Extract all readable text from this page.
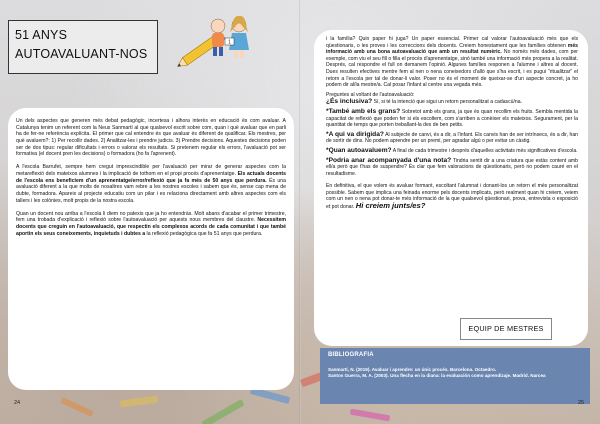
51 ANYS
AUTOAVALUANT-NOS
1

Un dels aspectes que generen més debat pedagògic, incertesa i alhora interès en educació és com avaluar. A Catalunya tenim un referent com la Neus Sanmartí al que qualsevol escrit sobre com, quan i què avaluar que en parli ha de fer-ne referència explícita. El primer que cal entendre és que avaluar és diferent de qualificar. Els mestres, per què avaluem?: 1) Per recollir dades. 2) Analitzar-les i prendre judicis. 3) Prendre decisions. Aquestes decisions poden ser de dos tipus: regular dificultats i errors o valorar els resultats. Si pretenem regular els errors, l'avaluació pot ser formativa (el docent pren les decisions) o formadora (ho fa l'aprenent).

A l'escola Barrufet, sempre hem cregut imprescindible per l'avaluació per mirar de generar aspectes com la metareflexió dels mateixos alumnes i la implicació de tothom en el propi procés d'aprenentatge. Els actuals docents de l'escola ens beneficiem d'un aprenentatge/error/reflexió que ja fa més de 50 anys que perdura. És una avaluació diferent a la que molts de nosaltres vam rebre a les nostres escoles i sabem que és, sense cap mena de dubte, formadora. Apareix al projecte educatiu com un pilar i es relaciona directament amb altres aspectes com els tallers i les colònies, molt propis de la nostra escola.

Quan un docent nou arriba a l'escola li diem no patexis que ja ho entendràs. Molt abans d'acabar el primer trimestre, fem una trobada d'explicació i reflexió sobre l'autoavaluació per aquests nous membres del claustre. Necessitem docents que creguin en l'autoavaluació, que respectin els complexos acords de cada comunitat i que també aportin els seus coneixements, inquietuds i dubtes a la reflexió pedagògica que fa 51 anys que perdura.

i la família? Quin paper hi juga? Un paper essencial. Primer cal valorar l'autoavaluació més que els qüestionaris, o les proves i les correccions dels docents. Creiem honestament que les famílies obtenen més informació amb una bona autoavaluació que amb un resultat numèric. No només més dades, com per exemple, com viu el seu fill o filla el procés d'aprenentatge, sinó també una informació més propera a la realitat. Després, cal respondre el full on demanem l'opinió. Algunes famílies responen a l'alumne i altres al docent. Dues resulten efectives mentre fem al nen o nena coneixedors d'allò que s'ha escrit, i es pugui "ritualitzar" el retorn a l'escola per tal de donar-li valor. Poser no és el moment de queixar-se d'un aspecte concret, ja ho podem dir al/la mestre/a. Cal posar l'infant al centre una vegada més.

Preguntes al voltant de l'autoavaluació:

¿És inclusiva? Sí, si té la intenció que sigui un retorn personalitzat a cadascú/na.

*També amb els grans? Sobretot amb els grans, ja que és quan recollim els fruits. Sembla mentida la capacitat de reflexió que poden fer si els escoltem, com s'arriben a conèixer els mateixos. Segurament, per la quantitat de temps que porten treballant-la des de ben petits.

*A qui va dirigida? Al subjecte de canvi, és a dir, a l'infant. Els canvis han de ser intrínsecs, és a dir, han de sortir de dins. No podem aprendre per un premi, per agradar algú o per evitar un càstig.

*Quan autoavaluem? A final de cada trimestre i després d'aquelles activitats més significatives d'escola.

*Podria anar acompanyada d'una nota? Tindria sentit dir a una criatura que estàs content amb ell/a però que t'has de suspendre? És clar que fem valoracions de qüestionaris, però no podem cauré en el resultadisme.

En definitiva, el que volem és avaluar formant, escoltant l'alumnat i donant-los un retorn el més personalitzat possible. Sabem que implica una feinada enorme pels docents implicats, però realment quan hi creiem, veiem com un nen o nena pot donar-te més informació de la que qualsevol qüestionari, prova, entrevista o exposició et pot donar. Hi creiem junts/es?

EQUIP DE MESTRES
BIBLIOGRAFIA
Sanmartí, N. (2019). Avaluar i aprendre: un únic procés. Barcelona. Octaedro.
Santos Guerra, M. A. (2003). Una flecha en la diana: la evaluación como aprendizaje. Madrid. Narcea
24	25
